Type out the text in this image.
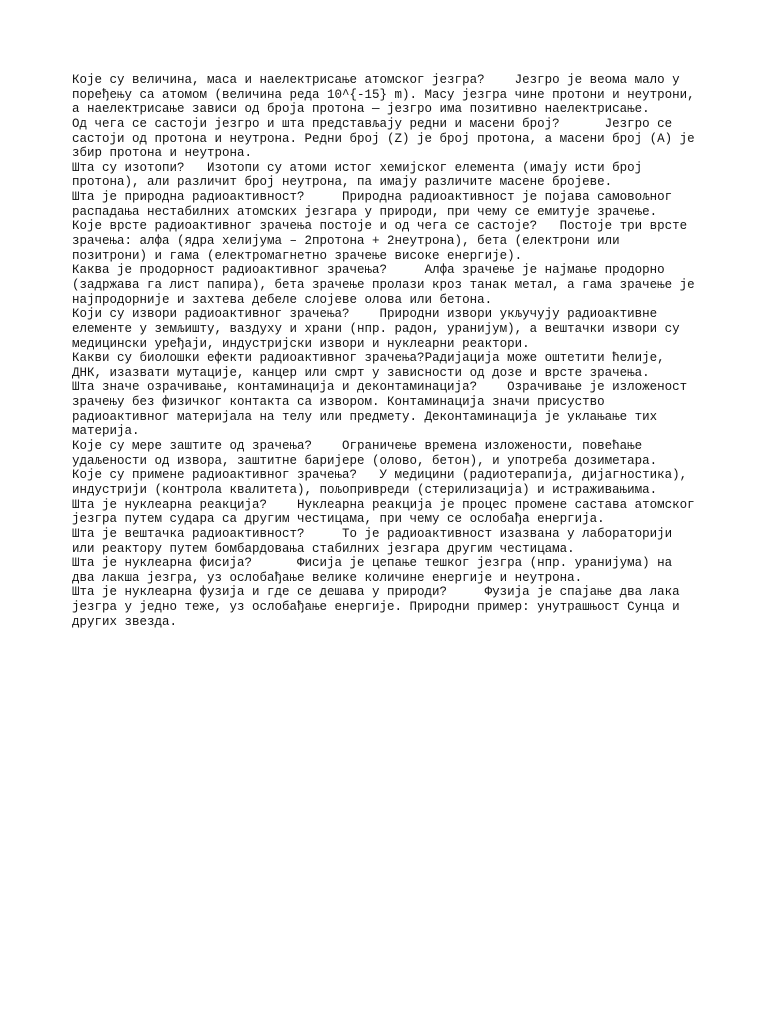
Које су величина, маса и наелектрисање атомског језгра? Језгро је веома мало у
поређењу са атомом (величина реда 10^{-15} m). Масу језгра чине протони и неутрони,
а наелектрисање зависи од броја протона — језгро има позитивно наелектрисање.
Од чега се састоји језгро и шта представљају редни и масени број?	Језгро се
састоји од протона и неутрона. Редни број (Z) је број протона, а масени број (A) је
збир протона и неутрона.
Шта су изотопи? Изотопи су атоми истог хемијског елемента (имају исти број
протона), али различит број неутрона, па имају различите масене бројеве.
Шта је природна радиоактивност?	Природна радиоактивност је појава самовољног
распадања нестабилних атомских језгара у природи, при чему се емитује зрачење.
Које врсте радиоактивног зрачења постоје и од чега се састоје? Постоје три врсте
зрачења: алфа (ядра хелијума – 2протона + 2неутрона), бета (електрони или
позитрони) и гама (електромагнетно зрачење високе енергије).
Каква је продорност радиоактивног зрачења?	Алфа зрачење је најмање продорно
(задржава га лист папира), бета зрачење пролази кроз танак метал, а гама зрачење је
најпродорније и захтева дебеле слојеве олова или бетона.
Који су извори радиоактивног зрачења? Природни извори укључују радиоактивне
елементе у земљишту, ваздуху и храни (нпр. радон, уранијум), а вештачки извори су
медицински уређаји, индустријски извори и нуклеарни реактори.
Какви су биолошки ефекти радиоактивног зрачења?Радијација може оштетити ћелије,
ДНК, изазвати мутације, канцер или смрт у зависности од дозе и врсте зрачења.
Шта значе озрачивање, контаминација и деконтаминација? Озрачивање је изложеност
зрачењу без физичког контакта са извором. Контаминација значи присуство
радиоактивног материјала на телу или предмету. Деконтаминација је уклањање тих
материја.
Које су мере заштите од зрачења? Ограничење времена изложености, повећање
удаљености од извора, заштитне баријере (олово, бетон), и употреба дозиметара.
Које су примене радиоактивног зрачења? У медицини (радиотерапија, дијагностика),
индустрији (контрола квалитета), пољопривреди (стерилизација) и истраживањима.
Шта је нуклеарна реакција? Нуклеарна реакција је процес промене састава атомског
језгра путем судара са другим честицама, при чему се ослобађа енергија.
Шта је вештачка радиоактивност?	То је радиоактивност изазвана у лабораторији
или реактору путем бомбардовања стабилних језгара другим честицама.
Шта је нуклеарна фисија?	Фисија је цепање тешког језгра (нпр. уранијума) на
два лакша језгра, уз ослобађање велике количине енергије и неутрона.
Шта је нуклеарна фузија и где се дешава у природи?	Фузија је спајање два лака
језгра у једно теже, уз ослобађање енергије. Природни пример: унутрашњост Сунца и
других звезда.
